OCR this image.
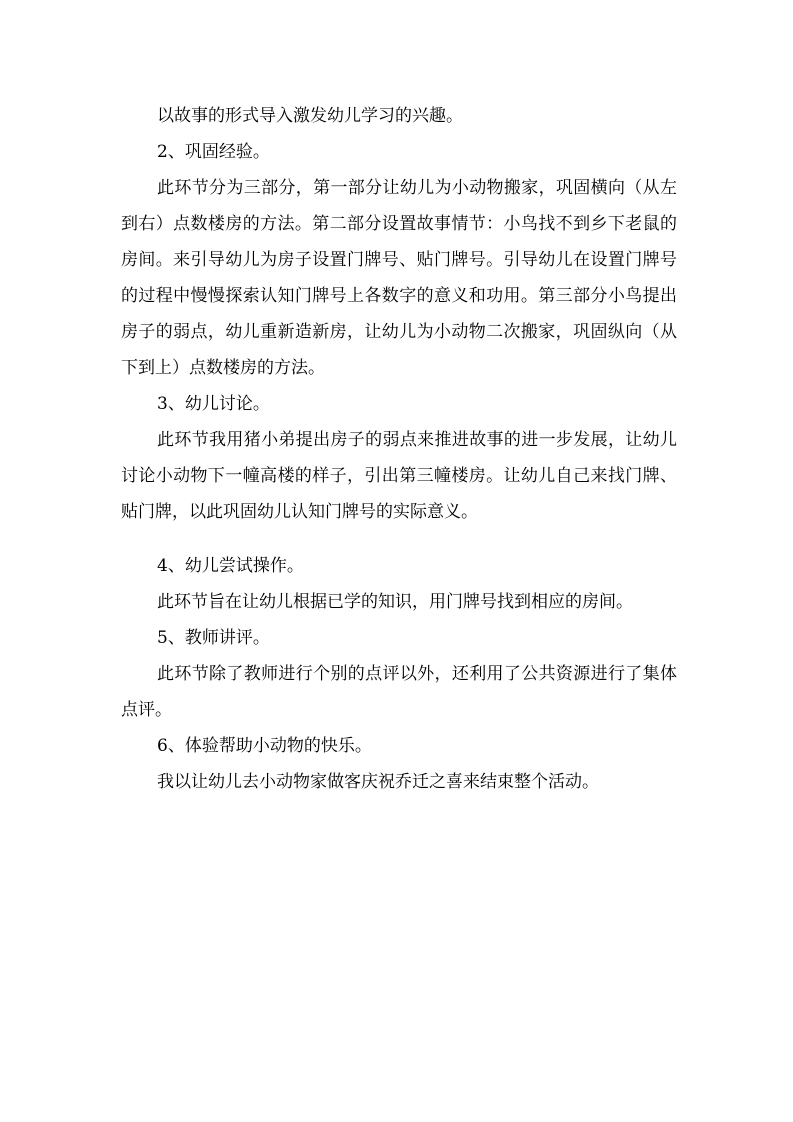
以故事的形式导入激发幼儿学习的兴趣。

2、巩固经验。

此环节分为三部分，第一部分让幼儿为小动物搬家，巩固横向（从左到右）点数楼房的方法。第二部分设置故事情节：小鸟找不到乡下老鼠的房间。来引导幼儿为房子设置门牌号、贴门牌号。引导幼儿在设置门牌号的过程中慢慢探索认知门牌号上各数字的意义和功用。第三部分小鸟提出房子的弱点，幼儿重新造新房，让幼儿为小动物二次搬家，巩固纵向（从下到上）点数楼房的方法。

3、幼儿讨论。

此环节我用猪小弟提出房子的弱点来推进故事的进一步发展，让幼儿讨论小动物下一幢高楼的样子，引出第三幢楼房。让幼儿自己来找门牌、贴门牌，以此巩固幼儿认知门牌号的实际意义。

4、幼儿尝试操作。

此环节旨在让幼儿根据已学的知识，用门牌号找到相应的房间。

5、教师讲评。

此环节除了教师进行个别的点评以外，还利用了公共资源进行了集体点评。

6、体验帮助小动物的快乐。

我以让幼儿去小动物家做客庆祝乔迁之喜来结束整个活动。
